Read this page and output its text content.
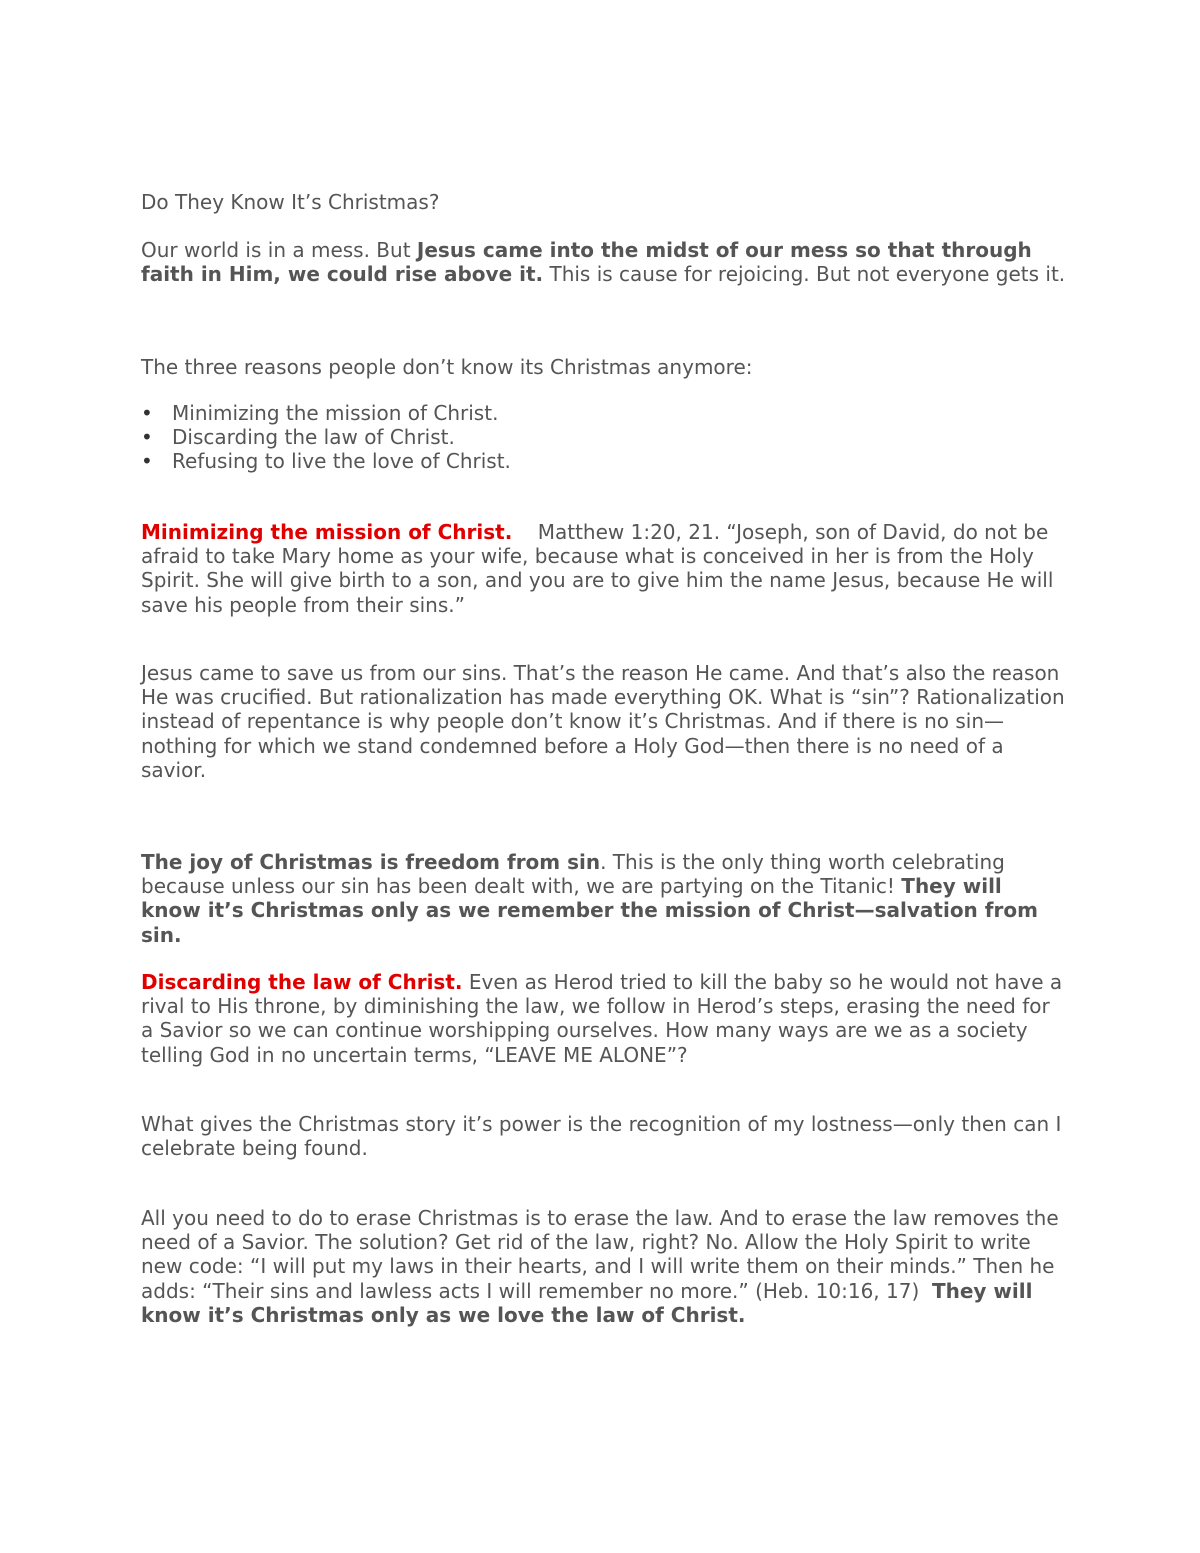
Do They Know It’s Christmas?

Our world is in a mess. But Jesus came into the midst of our mess so that through faith in Him, we could rise above it. This is cause for rejoicing. But not everyone gets it.

The three reasons people don’t know its Christmas anymore:

• Minimizing the mission of Christ.
• Discarding the law of Christ.
• Refusing to live the love of Christ.

Minimizing the mission of Christ.    Matthew 1:20, 21. “Joseph, son of David, do not be afraid to take Mary home as your wife, because what is conceived in her is from the Holy Spirit. She will give birth to a son, and you are to give him the name Jesus, because He will save his people from their sins.”

Jesus came to save us from our sins. That’s the reason He came. And that’s also the reason He was crucified. But rationalization has made everything OK. What is “sin”? Rationalization instead of repentance is why people don’t know it’s Christmas. And if there is no sin—nothing for which we stand condemned before a Holy God—then there is no need of a savior.

The joy of Christmas is freedom from sin. This is the only thing worth celebrating because unless our sin has been dealt with, we are partying on the Titanic! They will know it’s Christmas only as we remember the mission of Christ—salvation from sin.

Discarding the law of Christ. Even as Herod tried to kill the baby so he would not have a rival to His throne, by diminishing the law, we follow in Herod’s steps, erasing the need for a Savior so we can continue worshipping ourselves. How many ways are we as a society telling God in no uncertain terms, “LEAVE ME ALONE”?

What gives the Christmas story it’s power is the recognition of my lostness—only then can I celebrate being found.

All you need to do to erase Christmas is to erase the law. And to erase the law removes the need of a Savior. The solution? Get rid of the law, right? No. Allow the Holy Spirit to write new code: “I will put my laws in their hearts, and I will write them on their minds.” Then he adds: “Their sins and lawless acts I will remember no more.” (Heb. 10:16, 17)  They will know it’s Christmas only as we love the law of Christ.
